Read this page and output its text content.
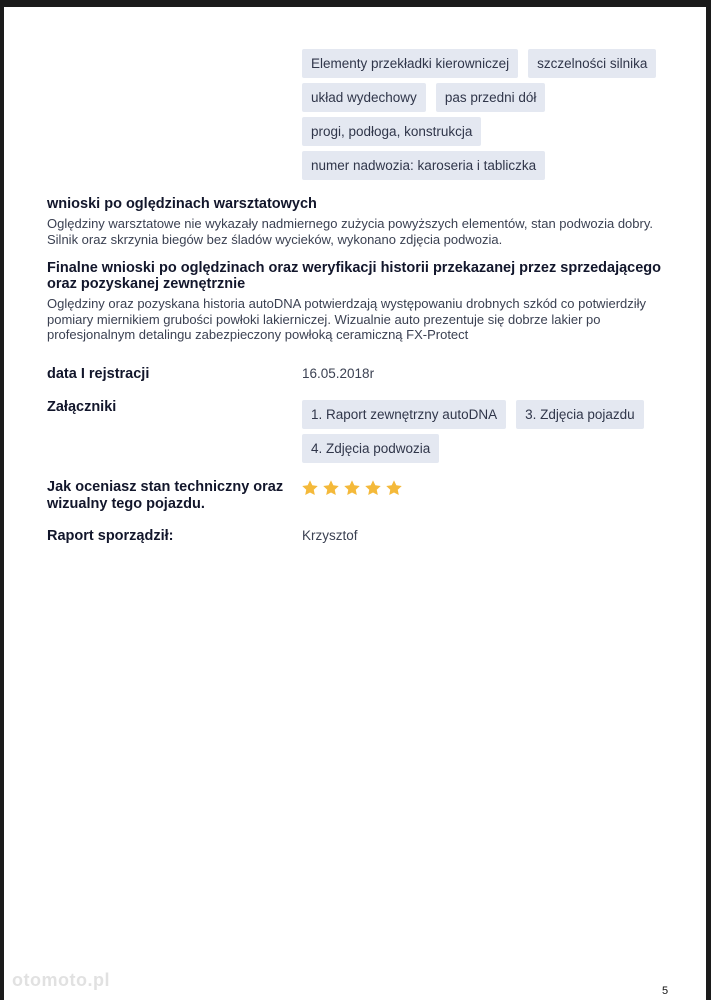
Elementy przekładki kierowniczej	szczelności silnika
układ wydechowy	pas przedni dół
progi, podłoga, konstrukcja
numer nadwozia: karoseria i tabliczka
wnioski po oględzinach warsztatowych
Oględziny warsztatowe nie wykazały nadmiernego zużycia powyższych elementów, stan podwozia dobry. Silnik oraz skrzynia biegów bez śladów wycieków, wykonano zdjęcia podwozia.
Finalne wnioski po oględzinach oraz weryfikacji historii przekazanej przez sprzedającego oraz pozyskanej zewnętrznie
Oględziny oraz pozyskana historia autoDNA potwierdzają występowaniu drobnych szkód co potwierdziły pomiary miernikiem grubości powłoki lakierniczej. Wizualnie auto prezentuje się dobrze lakier po profesjonalnym detalingu zabezpieczony powłoką ceramiczną FX-Protect
data I rejstracji	16.05.2018r
Załączniki	1. Raport zewnętrzny autoDNA	3. Zdjęcia pojazdu
4. Zdjęcia podwozia
Jak oceniasz stan techniczny oraz wizualny tego pojazdu.
Raport sporządził:	Krzysztof
5
otomoto.pl
